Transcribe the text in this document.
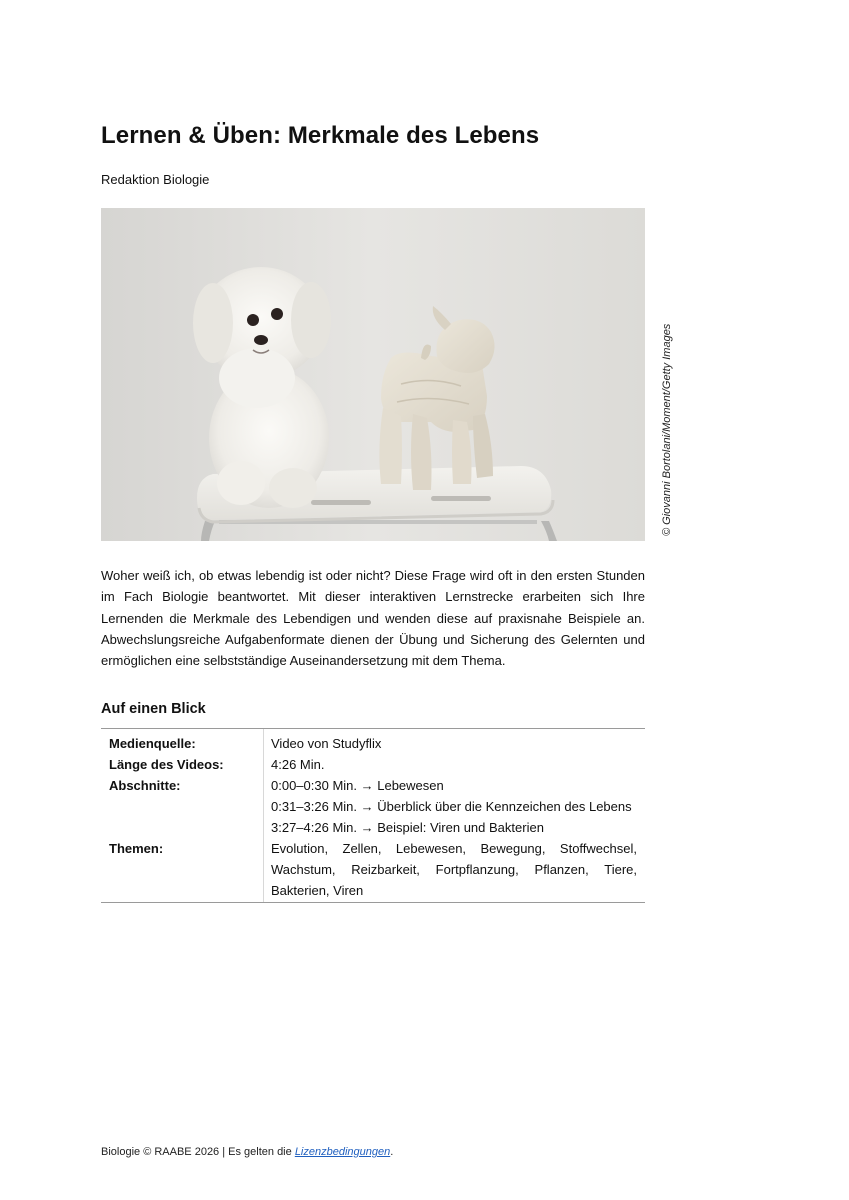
Lernen & Üben: Merkmale des Lebens
Redaktion Biologie
© Giovanni Bortolani/Moment/Getty Images

Woher weiß ich, ob etwas lebendig ist oder nicht? Diese Frage wird oft in den ersten Stunden im Fach Biologie beantwortet. Mit dieser interaktiven Lernstrecke erarbeiten sich Ihre Lernenden die Merkmale des Lebendigen und wenden diese auf praxisnahe Beispiele an. Abwechslungsreiche Aufgabenformate dienen der Übung und Sicherung des Gelernten und ermöglichen eine selbstständige Auseinandersetzung mit dem Thema.

Auf einen Blick
Medienquelle:	Video von Studyflix
Länge des Videos:	4:26 Min.
Abschnitte:	0:00–0:30 Min. → Lebewesen
0:31–3:26 Min. → Überblick über die Kennzeichen des Lebens
3:27–4:26 Min. → Beispiel: Viren und Bakterien
Themen:	Evolution, Zellen, Lebewesen, Bewegung, Stoffwechsel, Wachstum, Reizbarkeit, Fortpflanzung, Pflanzen, Tiere, Bakterien, Viren
Biologie © RAABE 2026 | Es gelten die Lizenzbedingungen.
